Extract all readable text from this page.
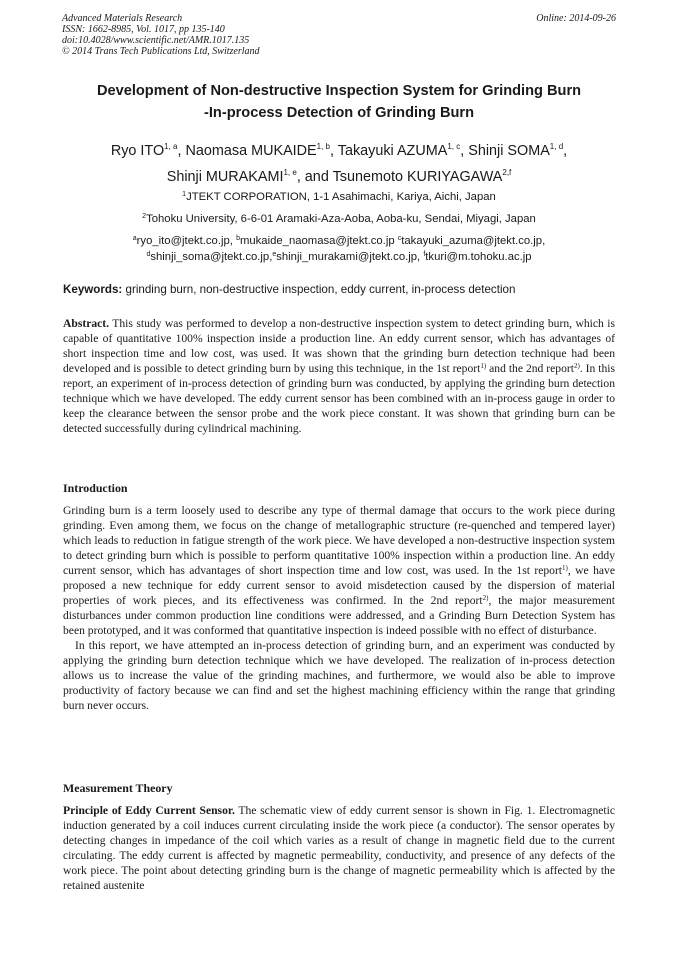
Advanced Materials Research
ISSN: 1662-8985, Vol. 1017, pp 135-140
doi:10.4028/www.scientific.net/AMR.1017.135
© 2014 Trans Tech Publications Ltd, Switzerland
Online: 2014-09-26
Development of Non-destructive Inspection System for Grinding Burn
-In-process Detection of Grinding Burn
Ryo ITO$^{1, a}$, Naomasa MUKAIDE$^{1, b}$, Takayuki AZUMA$^{1, c}$, Shinji SOMA$^{1, d}$,
Shinji MURAKAMI$^{1, e}$, and Tsunemoto KURIYAGAWA$^{2,f}$
$^1$JTEKT CORPORATION, 1-1 Asahimachi, Kariya, Aichi, Japan
$^2$Tohoku University, 6-6-01 Aramaki-Aza-Aoba, Aoba-ku, Sendai, Miyagi, Japan
$^a$ryo_ito@jtekt.co.jp, $^b$mukaide_naomasa@jtekt.co.jp $^c$takayuki_azuma@jtekt.co.jp,
$^d$shinji_soma@jtekt.co.jp,$^e$shinji_murakami@jtekt.co.jp, $^f$tkuri@m.tohoku.ac.jp
Keywords: grinding burn, non-destructive inspection, eddy current, in-process detection

Abstract. This study was performed to develop a non-destructive inspection system to detect grinding burn, which is capable of quantitative 100% inspection inside a production line. An eddy current sensor, which has advantages of short inspection time and low cost, was used. It was shown that the grinding burn detection technique had been developed and is possible to detect grinding burn by using this technique, in the 1st report$^{1)}$ and the 2nd report$^{2)}$. In this report, an experiment of in-process detection of grinding burn was conducted, by applying the grinding burn detection technique which we have developed. The eddy current sensor has been combined with an in-process gauge in order to keep the clearance between the sensor probe and the work piece constant. It was shown that grinding burn can be detected successfully during cylindrical machining.

Introduction

Grinding burn is a term loosely used to describe any type of thermal damage that occurs to the work piece during grinding. Even among them, we focus on the change of metallographic structure (re-quenched and tempered layer) which leads to reduction in fatigue strength of the work piece. We have developed a non-destructive inspection system to detect grinding burn which is possible to perform quantitative 100% inspection within a production line. An eddy current sensor, which has advantages of short inspection time and low cost, was used. In the 1st report$^{1)}$, we have proposed a new technique for eddy current sensor to avoid misdetection caused by the dispersion of material properties of work pieces, and its effectiveness was confirmed. In the 2nd report$^{2)}$, the major measurement disturbances under common production line conditions were addressed, and a Grinding Burn Detection System has been prototyped, and it was conformed that quantitative inspection is indeed possible with no effect of disturbance.

In this report, we have attempted an in-process detection of grinding burn, and an experiment was conducted by applying the grinding burn detection technique which we have developed. The realization of in-process detection allows us to increase the value of the grinding machines, and furthermore, we would also be able to improve productivity of factory because we can find and set the highest machining efficiency within the range that grinding burn never occurs.

Measurement Theory

Principle of Eddy Current Sensor. The schematic view of eddy current sensor is shown in Fig. 1. Electromagnetic induction generated by a coil induces current circulating inside the work piece (a conductor). The sensor operates by detecting changes in impedance of the coil which varies as a result of change in magnetic field due to the current circulating. The eddy current is affected by magnetic permeability, conductivity, and presence of any defects of the work piece. The point about detecting grinding burn is the change of magnetic permeability which is affected by the retained austenite
